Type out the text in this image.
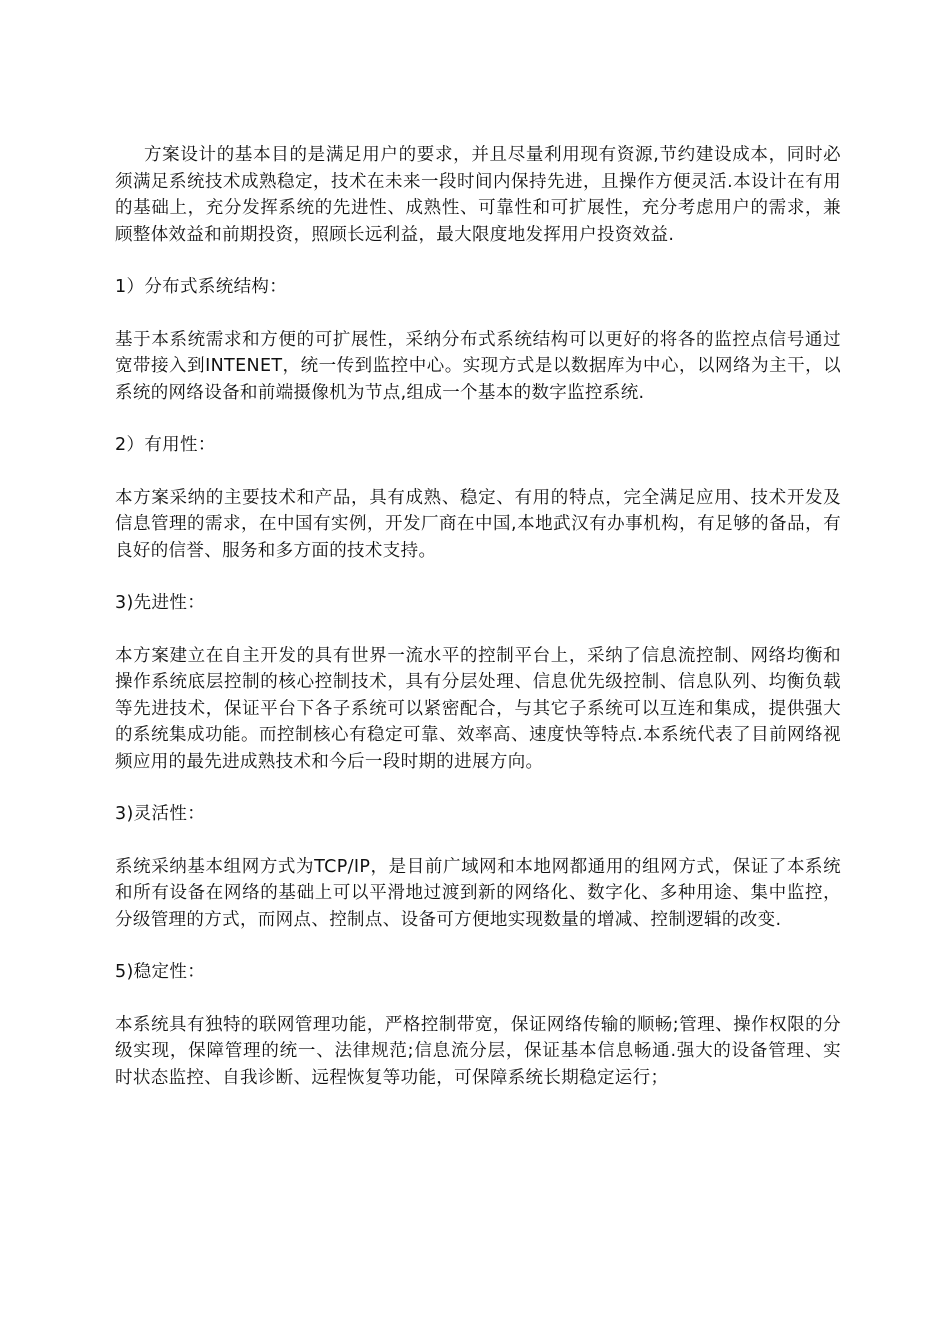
方案设计的基本目的是满足用户的要求，并且尽量利用现有资源,节约建设成本，同时必须满足系统技术成熟稳定，技术在未来一段时间内保持先进，且操作方便灵活.本设计在有用的基础上，充分发挥系统的先进性、成熟性、可靠性和可扩展性，充分考虑用户的需求，兼顾整体效益和前期投资，照顾长远利益，最大限度地发挥用户投资效益.

1）分布式系统结构：

基于本系统需求和方便的可扩展性，采纳分布式系统结构可以更好的将各的监控点信号通过宽带接入到INTENET，统一传到监控中心。实现方式是以数据库为中心，以网络为主干，以系统的网络设备和前端摄像机为节点,组成一个基本的数字监控系统.

2）有用性：

本方案采纳的主要技术和产品，具有成熟、稳定、有用的特点，完全满足应用、技术开发及信息管理的需求，在中国有实例，开发厂商在中国,本地武汉有办事机构，有足够的备品，有良好的信誉、服务和多方面的技术支持。

3)先进性：

本方案建立在自主开发的具有世界一流水平的控制平台上，采纳了信息流控制、网络均衡和操作系统底层控制的核心控制技术，具有分层处理、信息优先级控制、信息队列、均衡负载等先进技术，保证平台下各子系统可以紧密配合，与其它子系统可以互连和集成，提供强大的系统集成功能。而控制核心有稳定可靠、效率高、速度快等特点.本系统代表了目前网络视频应用的最先进成熟技术和今后一段时期的进展方向。

3)灵活性：

系统采纳基本组网方式为TCP/IP，是目前广域网和本地网都通用的组网方式，保证了本系统和所有设备在网络的基础上可以平滑地过渡到新的网络化、数字化、多种用途、集中监控，分级管理的方式，而网点、控制点、设备可方便地实现数量的增减、控制逻辑的改变.

5)稳定性：

本系统具有独特的联网管理功能，严格控制带宽，保证网络传输的顺畅;管理、操作权限的分级实现，保障管理的统一、法律规范;信息流分层，保证基本信息畅通.强大的设备管理、实时状态监控、自我诊断、远程恢复等功能，可保障系统长期稳定运行；
